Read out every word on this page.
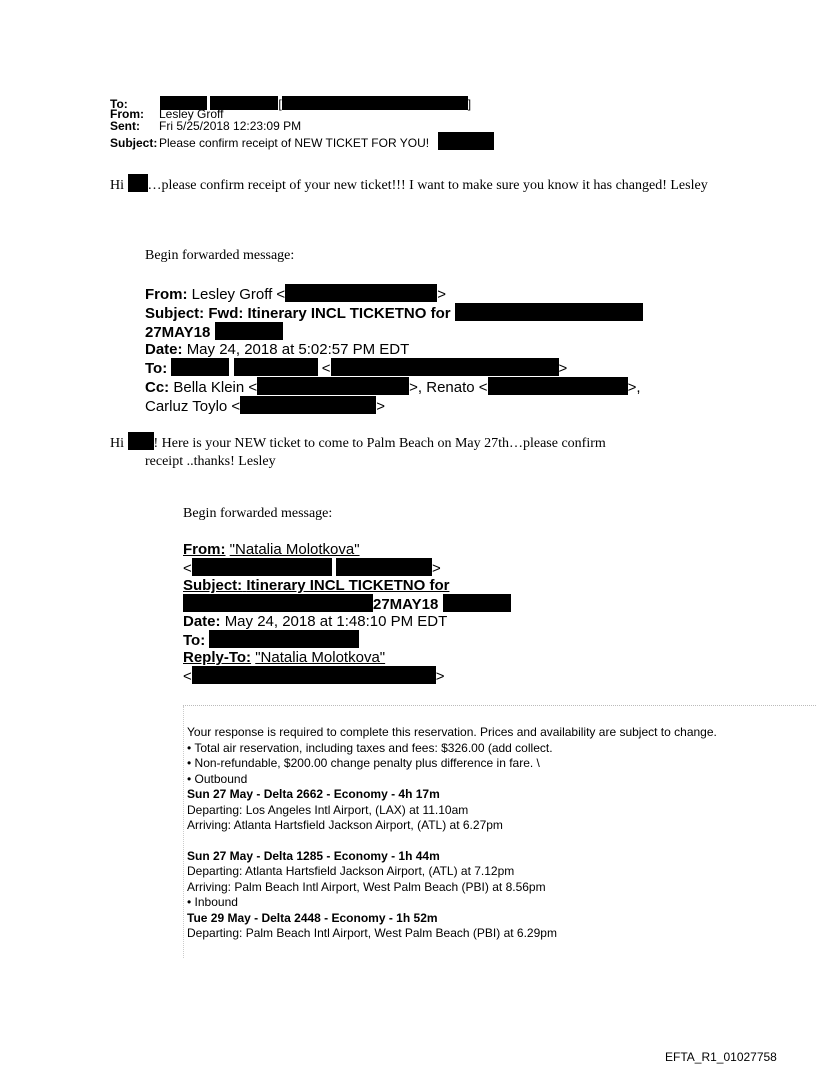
To:	[	]
From: Lesley Groff
Sent: Fri 5/25/2018 12:23:09 PM
Subject: Please confirm receipt of NEW TICKET FOR YOU!
Hi …please confirm receipt of your new ticket!!! I want to make sure you know it has changed! Lesley
Begin forwarded message:
From: Lesley Groff <	>
Subject: Fwd: Itinerary INCL TICKETNO for
27MAY18
Date: May 24, 2018 at 5:02:57 PM EDT
To:	<	>
Cc: Bella Klein <	>, Renato <	>,
Carluz Toylo <	>
Hi ! Here is your NEW ticket to come to Palm Beach on May 27th…please confirm
receipt ..thanks! Lesley
Begin forwarded message:
From: "Natalia Molotkova"
<	>
Subject: Itinerary INCL TICKETNO for
27MAY18
Date: May 24, 2018 at 1:48:10 PM EDT
To:
Reply-To: "Natalia Molotkova"
<	>
Your response is required to complete this reservation. Prices and availability are subject to change.
• Total air reservation, including taxes and fees: $326.00 (add collect.
• Non-refundable, $200.00 change penalty plus difference in fare. \
• Outbound
Sun 27 May - Delta 2662 - Economy - 4h 17m
Departing: Los Angeles Intl Airport, (LAX) at 11.10am
Arriving: Atlanta Hartsfield Jackson Airport, (ATL) at 6.27pm
Sun 27 May - Delta 1285 - Economy - 1h 44m
Departing: Atlanta Hartsfield Jackson Airport, (ATL) at 7.12pm
Arriving: Palm Beach Intl Airport, West Palm Beach (PBI) at 8.56pm
• Inbound
Tue 29 May - Delta 2448 - Economy - 1h 52m
Departing: Palm Beach Intl Airport, West Palm Beach (PBI) at 6.29pm
EFTA_R1_01027758
